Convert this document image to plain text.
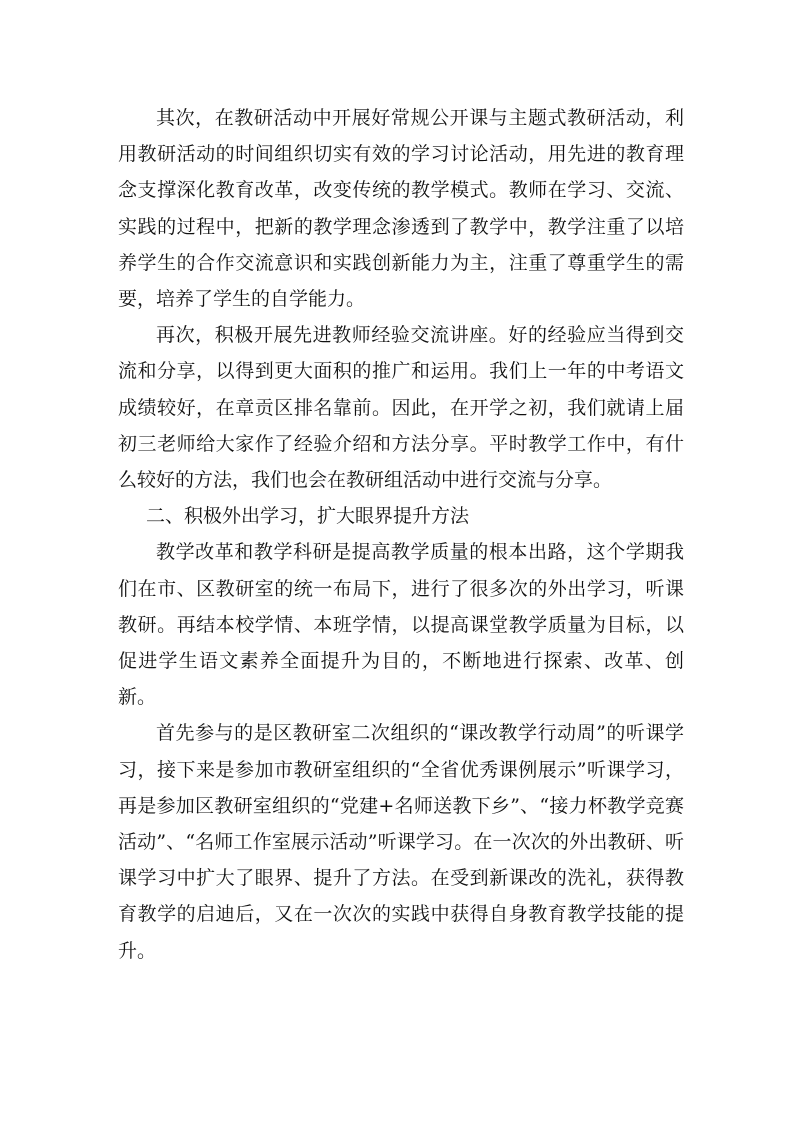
其次，在教研活动中开展好常规公开课与主题式教研活动，利用教研活动的时间组织切实有效的学习讨论活动，用先进的教育理念支撑深化教育改革，改变传统的教学模式。教师在学习、交流、实践的过程中，把新的教学理念渗透到了教学中，教学注重了以培养学生的合作交流意识和实践创新能力为主，注重了尊重学生的需要，培养了学生的自学能力。

再次，积极开展先进教师经验交流讲座。好的经验应当得到交流和分享，以得到更大面积的推广和运用。我们上一年的中考语文成绩较好，在章贡区排名靠前。因此，在开学之初，我们就请上届初三老师给大家作了经验介绍和方法分享。平时教学工作中，有什么较好的方法，我们也会在教研组活动中进行交流与分享。

二、积极外出学习，扩大眼界提升方法

教学改革和教学科研是提高教学质量的根本出路，这个学期我们在市、区教研室的统一布局下，进行了很多次的外出学习，听课教研。再结本校学情、本班学情，以提高课堂教学质量为目标，以促进学生语文素养全面提升为目的，不断地进行探索、改革、创新。

首先参与的是区教研室二次组织的“课改教学行动周”的听课学习，接下来是参加市教研室组织的“全省优秀课例展示”听课学习，再是参加区教研室组织的“党建+名师送教下乡”、“接力杯教学竞赛活动”、“名师工作室展示活动”听课学习。在一次次的外出教研、听课学习中扩大了眼界、提升了方法。在受到新课改的洗礼，获得教育教学的启迪后，又在一次次的实践中获得自身教育教学技能的提升。
